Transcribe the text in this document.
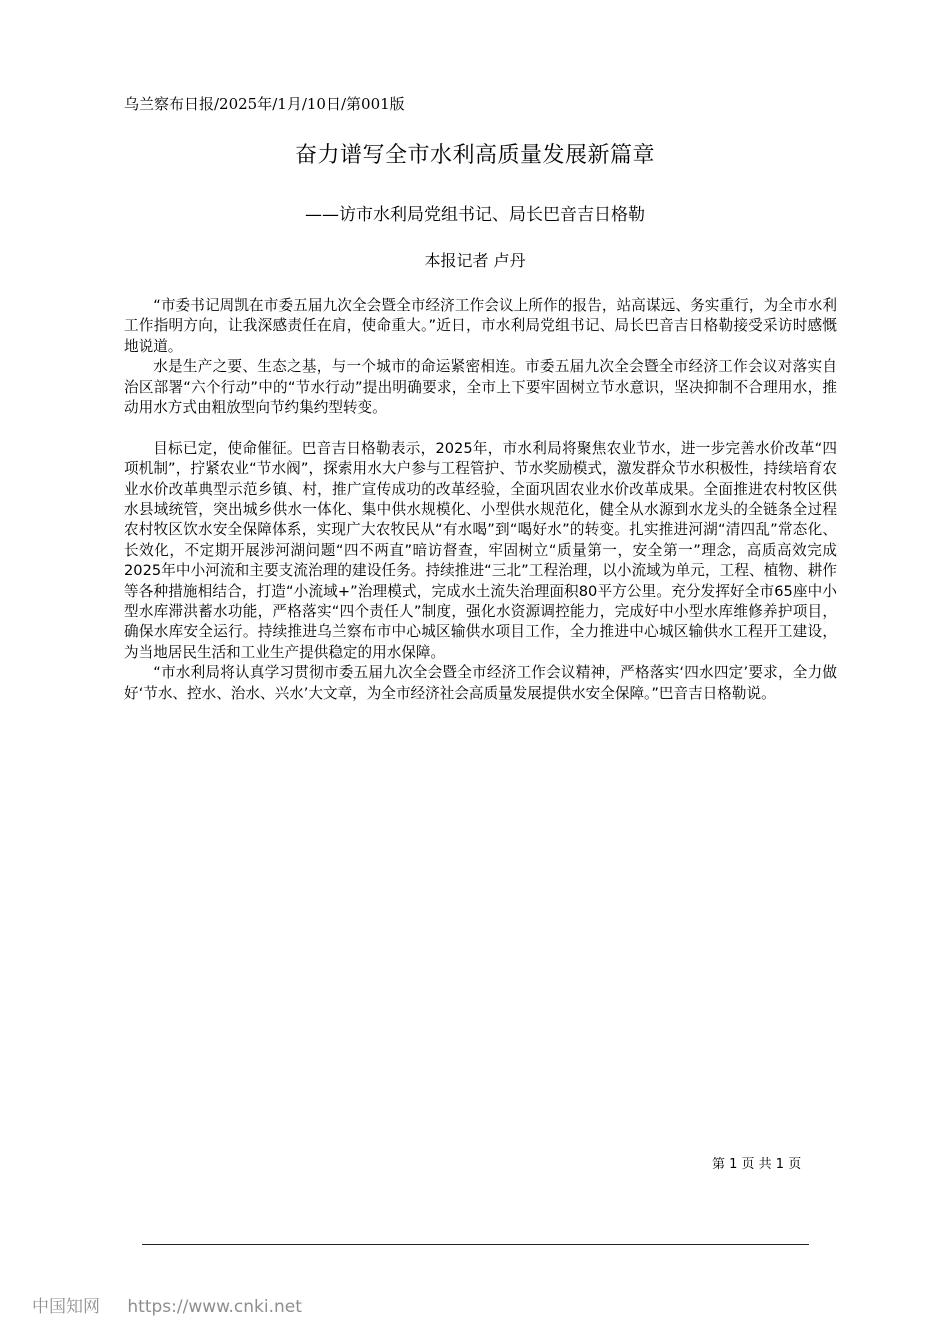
乌兰察布日报/2025年/1月/10日/第001版
奋力谱写全市水利高质量发展新篇章
——访市水利局党组书记、局长巴音吉日格勒
本报记者 卢丹

“市委书记周凯在市委五届九次全会暨全市经济工作会议上所作的报告，站高谋远、务实重行，为全市水利工作指明方向，让我深感责任在肩，使命重大。”近日，市水利局党组书记、局长巴音吉日格勒接受采访时感慨地说道。

水是生产之要、生态之基，与一个城市的命运紧密相连。市委五届九次全会暨全市经济工作会议对落实自治区部署“六个行动”中的“节水行动”提出明确要求，全市上下要牢固树立节水意识，坚决抑制不合理用水，推动用水方式由粗放型向节约集约型转变。

目标已定，使命催征。巴音吉日格勒表示，2025年，市水利局将聚焦农业节水，进一步完善水价改革“四项机制”，拧紧农业“节水阀”，探索用水大户参与工程管护、节水奖励模式，激发群众节水积极性，持续培育农业水价改革典型示范乡镇、村，推广宣传成功的改革经验，全面巩固农业水价改革成果。全面推进农村牧区供水县域统管，突出城乡供水一体化、集中供水规模化、小型供水规范化，健全从水源到水龙头的全链条全过程农村牧区饮水安全保障体系，实现广大农牧民从“有水喝”到“喝好水”的转变。扎实推进河湖“清四乱”常态化、长效化，不定期开展涉河湖问题“四不两直”暗访督查，牢固树立“质量第一，安全第一”理念，高质高效完成2025年中小河流和主要支流治理的建设任务。持续推进“三北”工程治理，以小流域为单元，工程、植物、耕作等各种措施相结合，打造“小流域+”治理模式，完成水土流失治理面积80平方公里。充分发挥好全市65座中小型水库滞洪蓄水功能，严格落实“四个责任人”制度，强化水资源调控能力，完成好中小型水库维修养护项目，确保水库安全运行。持续推进乌兰察布市中心城区输供水项目工作，全力推进中心城区输供水工程开工建设，为当地居民生活和工业生产提供稳定的用水保障。

“市水利局将认真学习贯彻市委五届九次全会暨全市经济工作会议精神，严格落实‘四水四定’要求，全力做好‘节水、控水、治水、兴水’大文章，为全市经济社会高质量发展提供水安全保障。”巴音吉日格勒说。

第 1 页 共 1 页
中国知网 https://www.cnki.net
